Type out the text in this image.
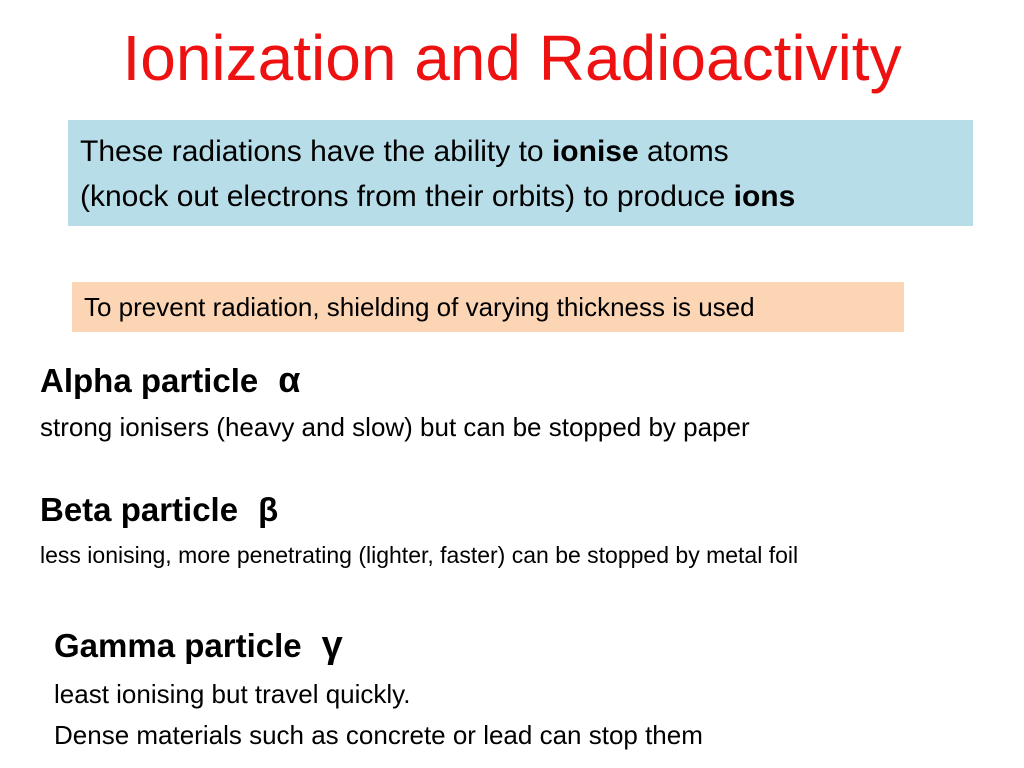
Ionization and Radioactivity
These radiations have the ability to ionise atoms
(knock out electrons from their orbits) to produce ions
To prevent radiation, shielding of varying thickness is used
Alpha particle α
strong ionisers (heavy and slow) but can be stopped by paper
Beta particle β
less ionising, more penetrating (lighter, faster) can be stopped by metal foil
Gamma particle γ
least ionising but travel quickly.
Dense materials such as concrete or lead can stop them
